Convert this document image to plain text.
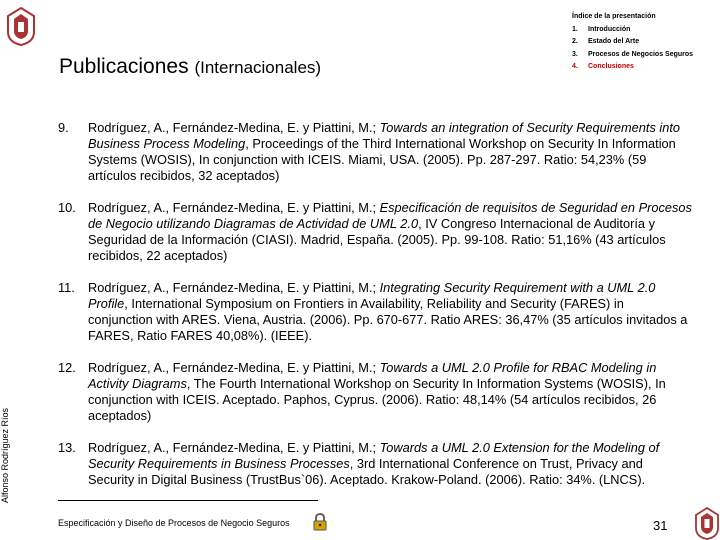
Publicaciones (Internacionales)
Índice de la presentación
1.	Introducción
2.	Estado del Arte
3.	Procesos de Negocios Seguros
4.	Conclusiones
9.	Rodríguez, A., Fernández-Medina, E. y Piattini, M.; Towards an integration of Security Requirements into Business Process Modeling, Proceedings of the Third International Workshop on Security In Information Systems (WOSIS), In conjunction with ICEIS. Miami, USA. (2005). Pp. 287-297. Ratio: 54,23% (59 artículos recibidos, 32 aceptados)
10. Rodríguez, A., Fernández-Medina, E. y Piattini, M.; Especificación de requisitos de Seguridad en Procesos de Negocio utilizando Diagramas de Actividad de UML 2.0, IV Congreso Internacional de Auditoría y Seguridad de la Información (CIASI). Madrid, España. (2005). Pp. 99-108. Ratio: 51,16% (43 artículos recibidos, 22 aceptados)
11.	Rodríguez, A., Fernández-Medina, E. y Piattini, M.; Integrating Security Requirement with a UML 2.0 Profile, International Symposium on Frontiers in Availability, Reliability and Security (FARES) in conjunction with ARES. Viena, Austria. (2006). Pp. 670-677. Ratio ARES: 36,47% (35 artículos invitados a FARES, Ratio FARES 40,08%). (IEEE).
12. Rodríguez, A., Fernández-Medina, E. y Piattini, M.; Towards a UML 2.0 Profile for RBAC Modeling in Activity Diagrams, The Fourth International Workshop on Security In Information Systems (WOSIS), In conjunction with ICEIS. Aceptado. Paphos, Cyprus. (2006). Ratio: 48,14% (54 artículos recibidos, 26 aceptados)
13. Rodríguez, A., Fernández-Medina, E. y Piattini, M.; Towards a UML 2.0 Extension for the Modeling of Security Requirements in Business Processes, 3rd International Conference on Trust, Privacy and Security in Digital Business (TrustBus`06). Aceptado. Krakow-Poland. (2006). Ratio: 34%. (LNCS).
Alfonso Rodríguez Ríos
Especificación y Diseño de Procesos de Negocio Seguros	31
